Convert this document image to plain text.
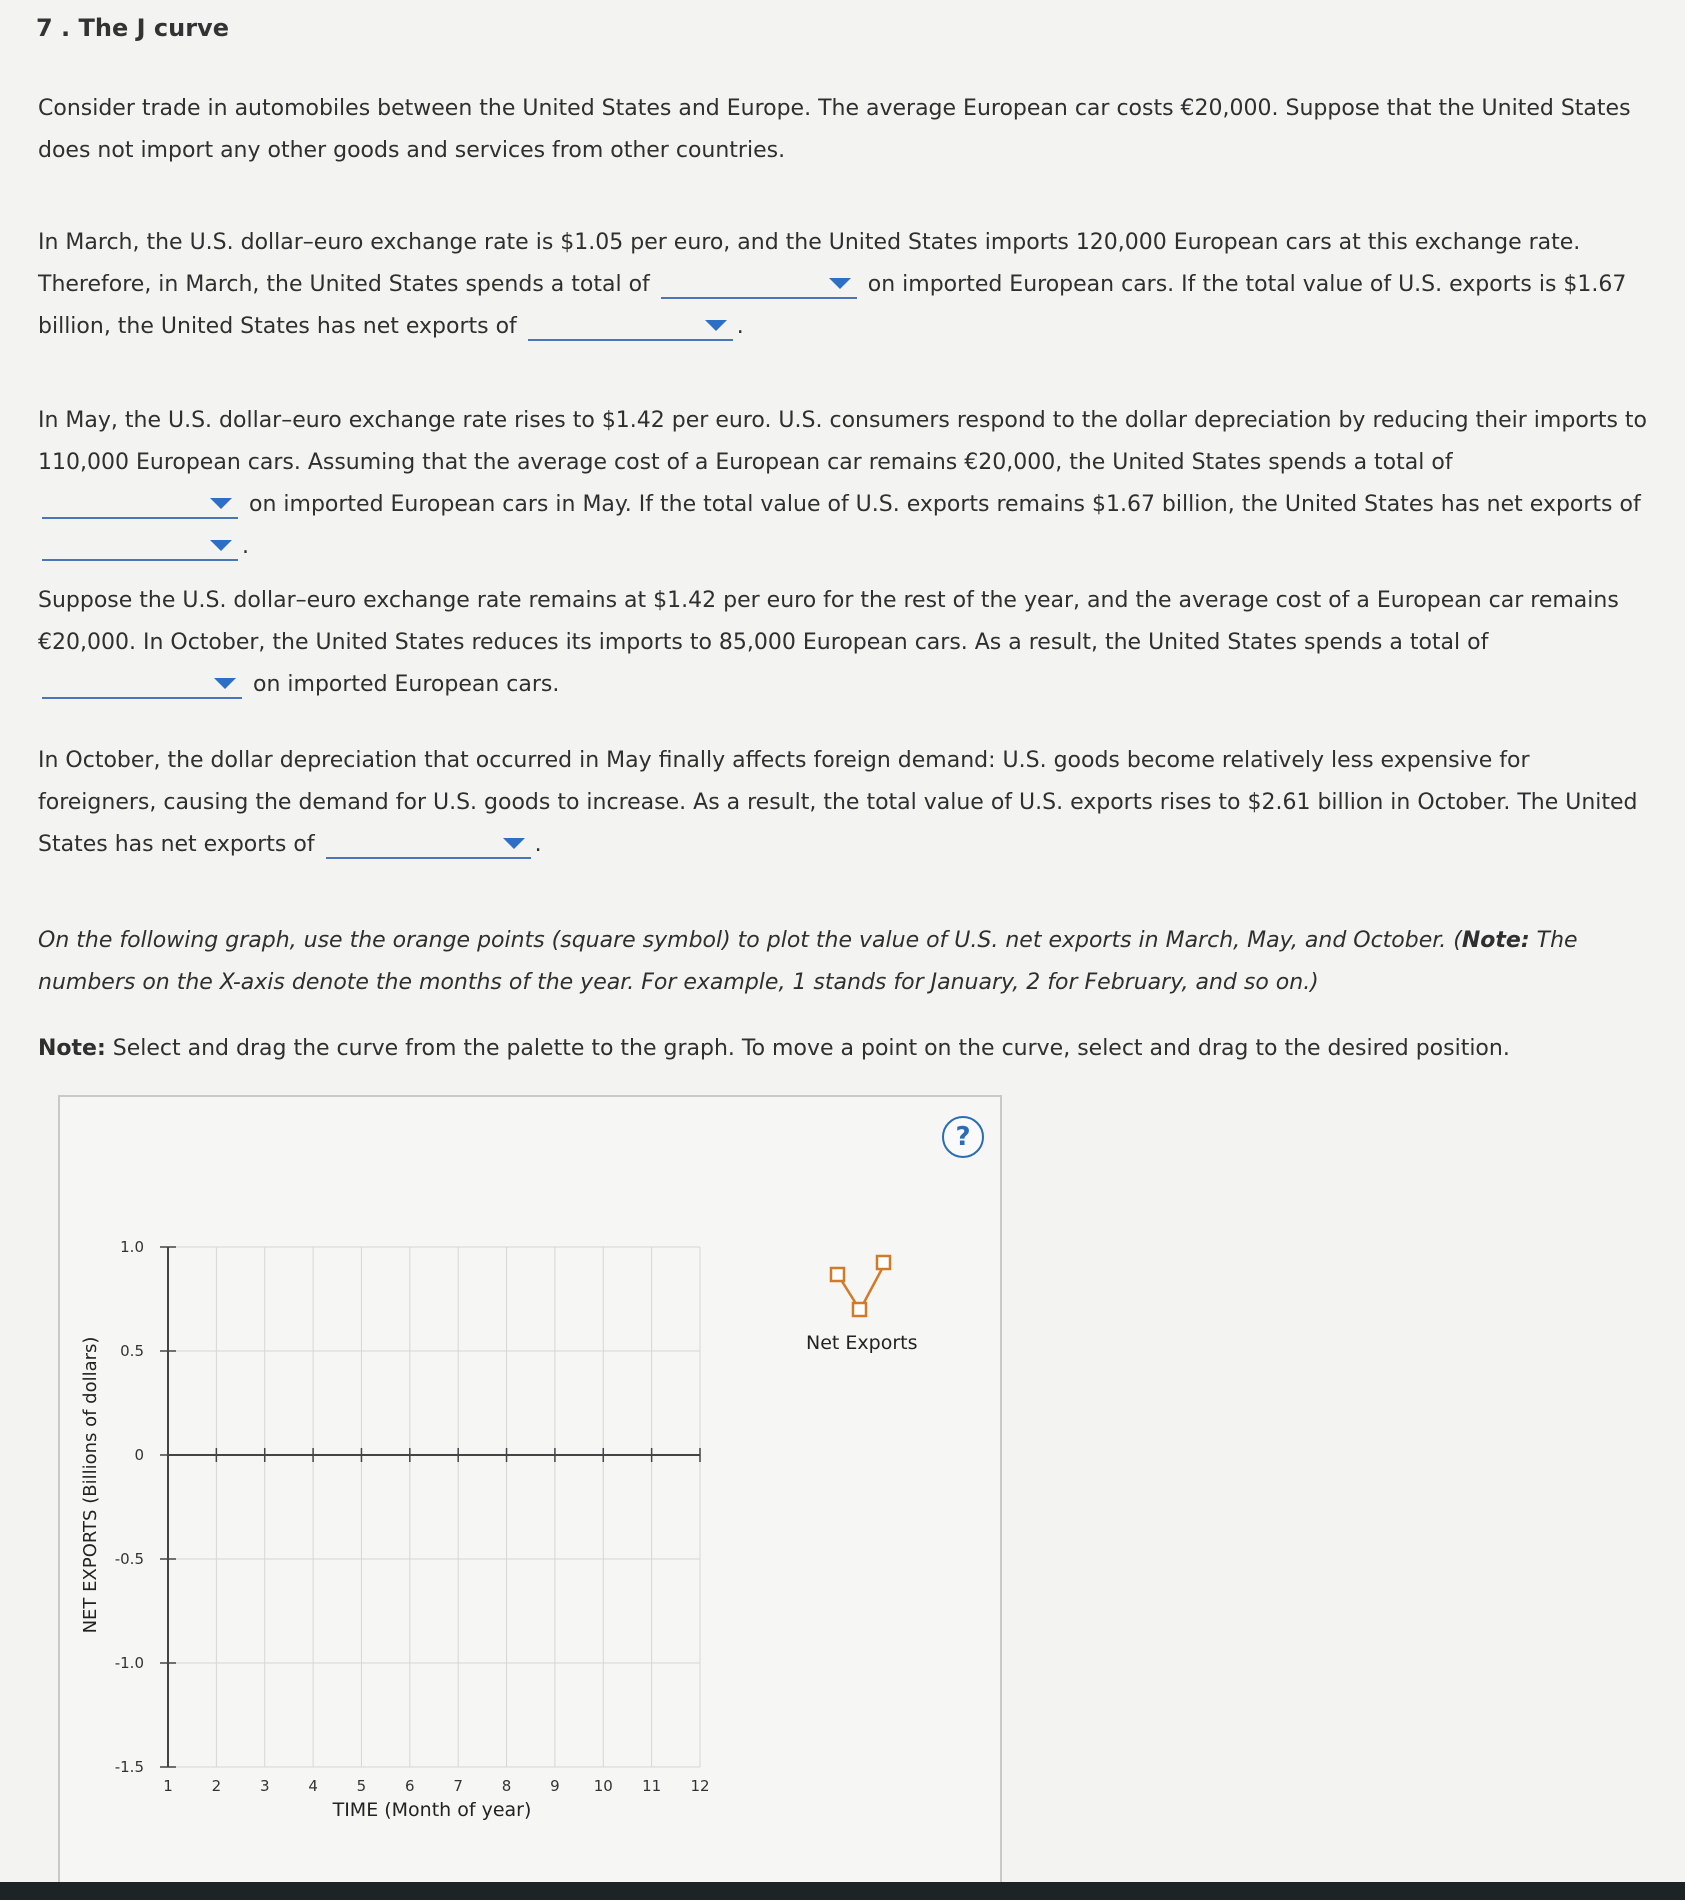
7 . The J curve
Consider trade in automobiles between the United States and Europe. The average European car costs €20,000. Suppose that the United States does not import any other goods and services from other countries.
In March, the U.S. dollar–euro exchange rate is $1.05 per euro, and the United States imports 120,000 European cars at this exchange rate. Therefore, in March, the United States spends a total of	on imported European cars. If the total value of U.S. exports is $1.67 billion, the United States has net exports of	.
In May, the U.S. dollar–euro exchange rate rises to $1.42 per euro. U.S. consumers respond to the dollar depreciation by reducing their imports to 110,000 European cars. Assuming that the average cost of a European car remains €20,000, the United States spends a total of
on imported European cars in May. If the total value of U.S. exports remains $1.67 billion, the United States has net exports of
.
Suppose the U.S. dollar–euro exchange rate remains at $1.42 per euro for the rest of the year, and the average cost of a European car remains €20,000. In October, the United States reduces its imports to 85,000 European cars. As a result, the United States spends a total of
on imported European cars.
In October, the dollar depreciation that occurred in May finally affects foreign demand: U.S. goods become relatively less expensive for foreigners, causing the demand for U.S. goods to increase. As a result, the total value of U.S. exports rises to $2.61 billion in October. The United States has net exports of	.
On the following graph, use the orange points (square symbol) to plot the value of U.S. net exports in March, May, and October. (Note: The numbers on the X-axis denote the months of the year. For example, 1 stands for January, 2 for February, and so on.)
Note: Select and drag the curve from the palette to the graph. To move a point on the curve, select and drag to the desired position.
?
1	2	3	4	5	6	7	8	9 10 11 12
1.0
0.5
0
-0.5
-1.0
-1.5
TIME (Month of year)
NET EXPORTS (Billions of dollars)	Net Exports
